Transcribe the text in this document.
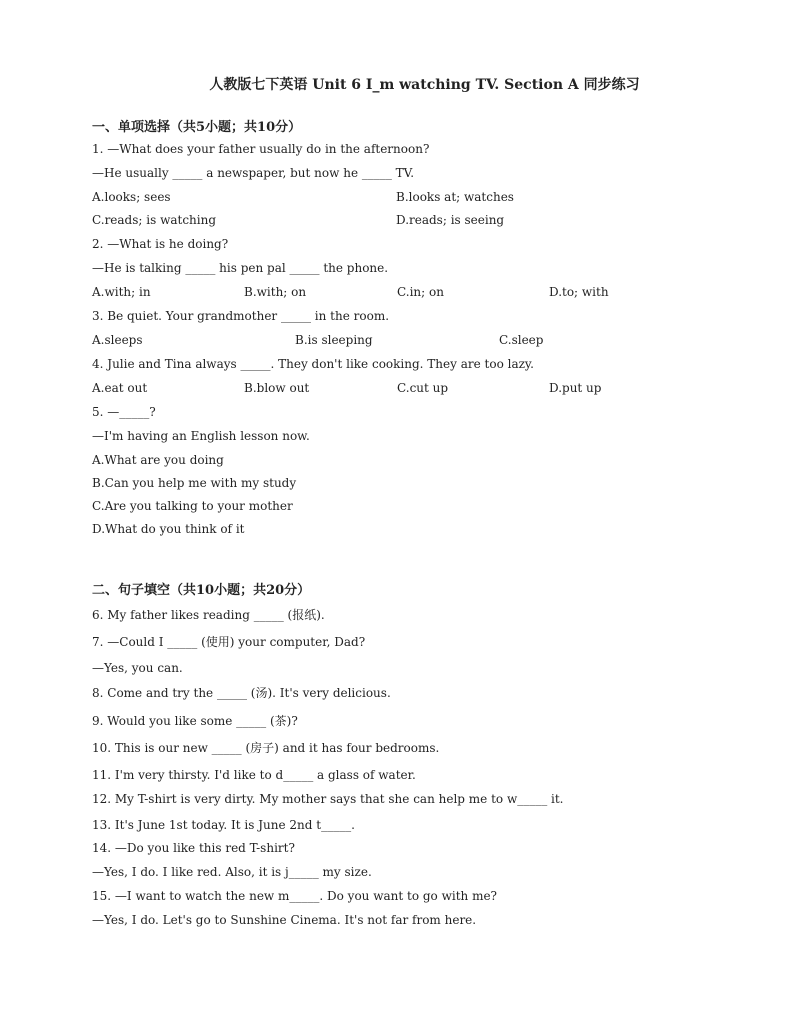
人教版七下英语 Unit 6 I_m watching TV. Section A 同步练习
一、单项选择（共5小题；共10分）
1. —What does your father usually do in the afternoon?
—He usually _____ a newspaper, but now he _____ TV.
A.looks; sees	B.looks at; watches
C.reads; is watching	D.reads; is seeing
2. —What is he doing?
—He is talking _____ his pen pal _____ the phone.
A.with; in	B.with; on	C.in; on	D.to; with
3. Be quiet. Your grandmother _____ in the room.
A.sleeps	B.is sleeping	C.sleep
4. Julie and Tina always _____. They don't like cooking. They are too lazy.
A.eat out	B.blow out	C.cut up	D.put up
5. —_____?
—I'm having an English lesson now.
A.What are you doing
B.Can you help me with my study
C.Are you talking to your mother
D.What do you think of it
二、句子填空（共10小题；共20分）
6. My father likes reading _____ (报纸).
7. —Could I _____ (使用) your computer, Dad?
—Yes, you can.
8. Come and try the _____ (汤). It's very delicious.
9. Would you like some _____ (茶)?
10. This is our new _____ (房子) and it has four bedrooms.
11. I'm very thirsty. I'd like to d_____ a glass of water.
12. My T-shirt is very dirty. My mother says that she can help me to w_____ it.
13. It's June 1st today. It is June 2nd t_____.
14. —Do you like this red T-shirt?
—Yes, I do. I like red. Also, it is j_____ my size.
15. —I want to watch the new m_____. Do you want to go with me?
—Yes, I do. Let's go to Sunshine Cinema. It's not far from here.
